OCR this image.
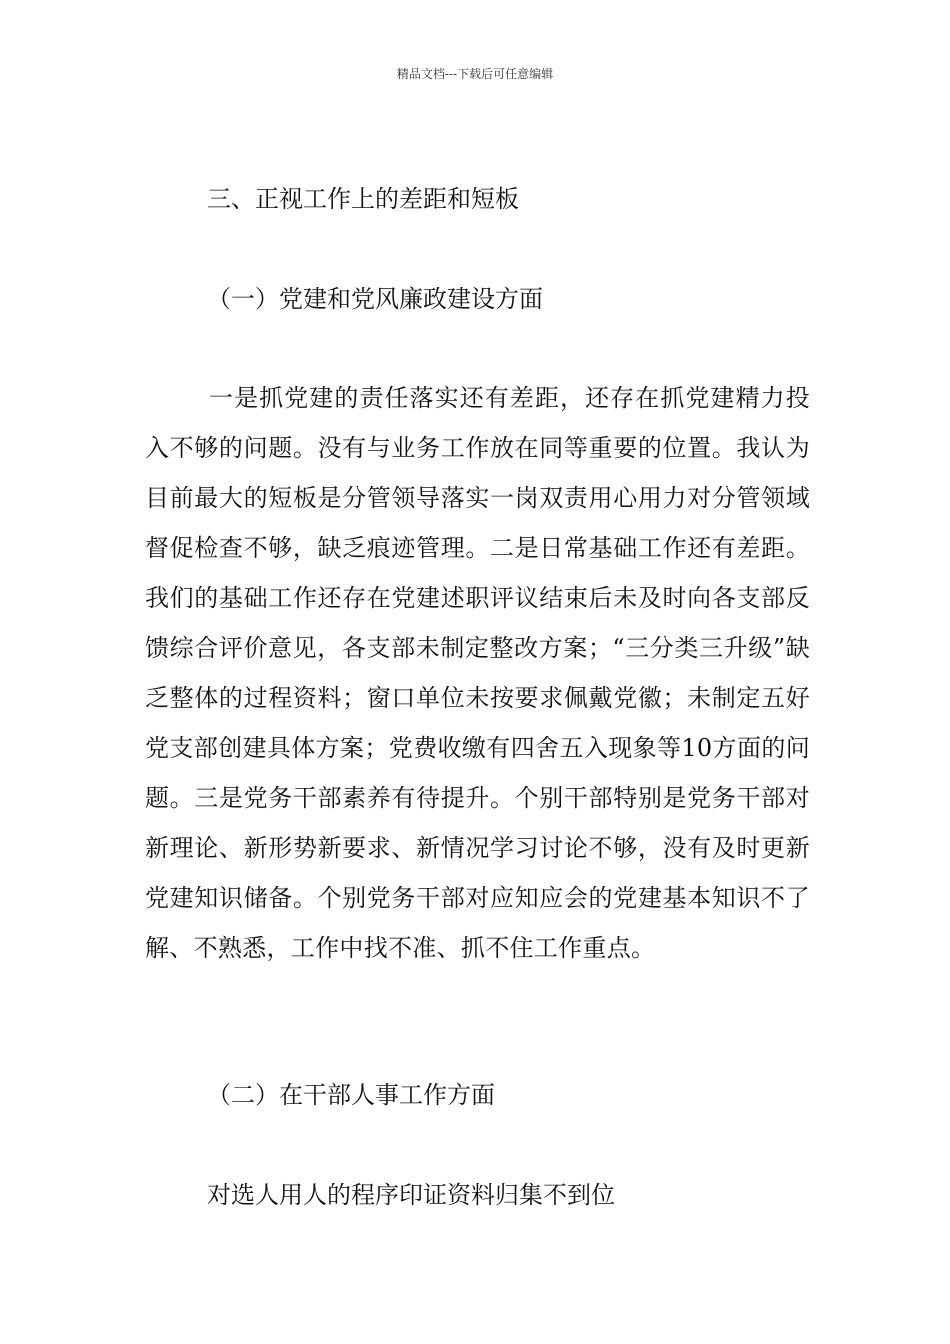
精品文档---下载后可任意编辑
三、正视工作上的差距和短板
（一）党建和党风廉政建设方面

一是抓党建的责任落实还有差距，还存在抓党建精力投入不够的问题。没有与业务工作放在同等重要的位置。我认为目前最大的短板是分管领导落实一岗双责用心用力对分管领域督促检查不够，缺乏痕迹管理。二是日常基础工作还有差距。我们的基础工作还存在党建述职评议结束后未及时向各支部反馈综合评价意见，各支部未制定整改方案；“三分类三升级”缺乏整体的过程资料；窗口单位未按要求佩戴党徽；未制定五好党支部创建具体方案；党费收缴有四舍五入现象等10方面的问题。三是党务干部素养有待提升。个别干部特别是党务干部对新理论、新形势新要求、新情况学习讨论不够，没有及时更新党建知识储备。个别党务干部对应知应会的党建基本知识不了解、不熟悉，工作中找不准、抓不住工作重点。

（二）在干部人事工作方面
对选人用人的程序印证资料归集不到位
